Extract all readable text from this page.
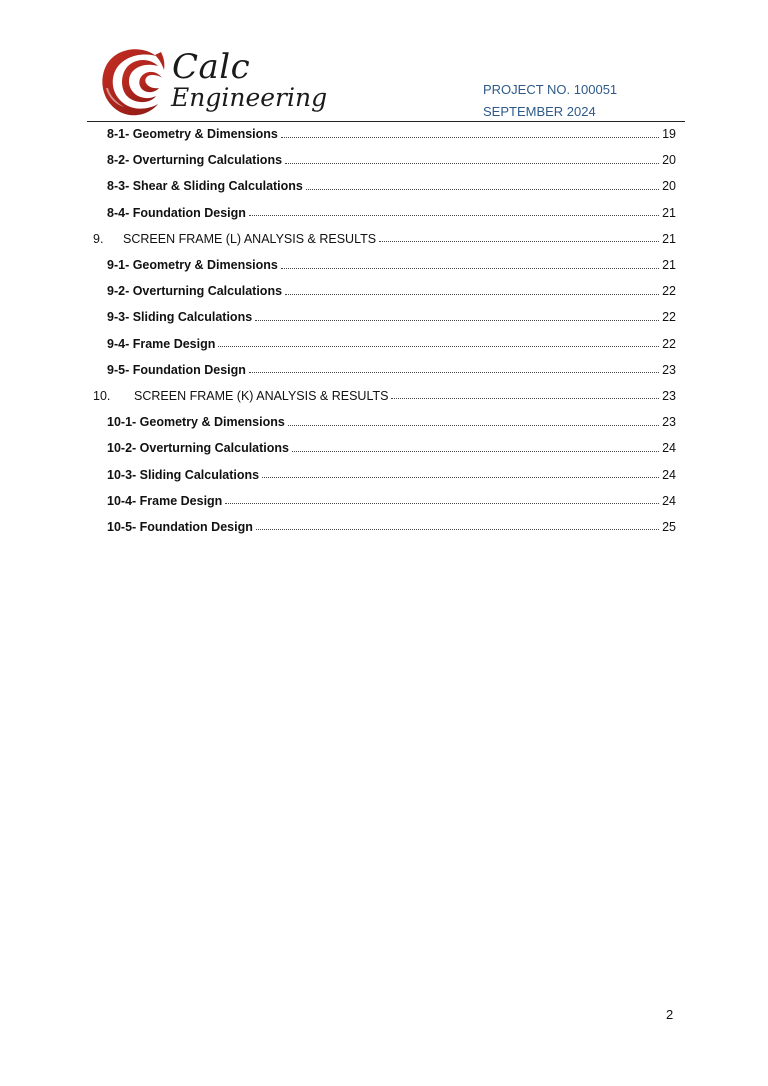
Calc
Engineering	PROJECT NO. 100051
SEPTEMBER 2024
8-1- Geometry & Dimensions	19
8-2- Overturning Calculations	20
8-3- Shear & Sliding Calculations	20
8-4- Foundation Design	21
9.	SCREEN FRAME (L) ANALYSIS & RESULTS	21
9-1- Geometry & Dimensions	21
9-2- Overturning Calculations	22
9-3- Sliding Calculations	22
9-4- Frame Design	22
9-5- Foundation Design	23
10.	SCREEN FRAME (K) ANALYSIS & RESULTS	23
10-1- Geometry & Dimensions	23
10-2- Overturning Calculations	24
10-3- Sliding Calculations	24
10-4- Frame Design	24
10-5- Foundation Design	25
2
